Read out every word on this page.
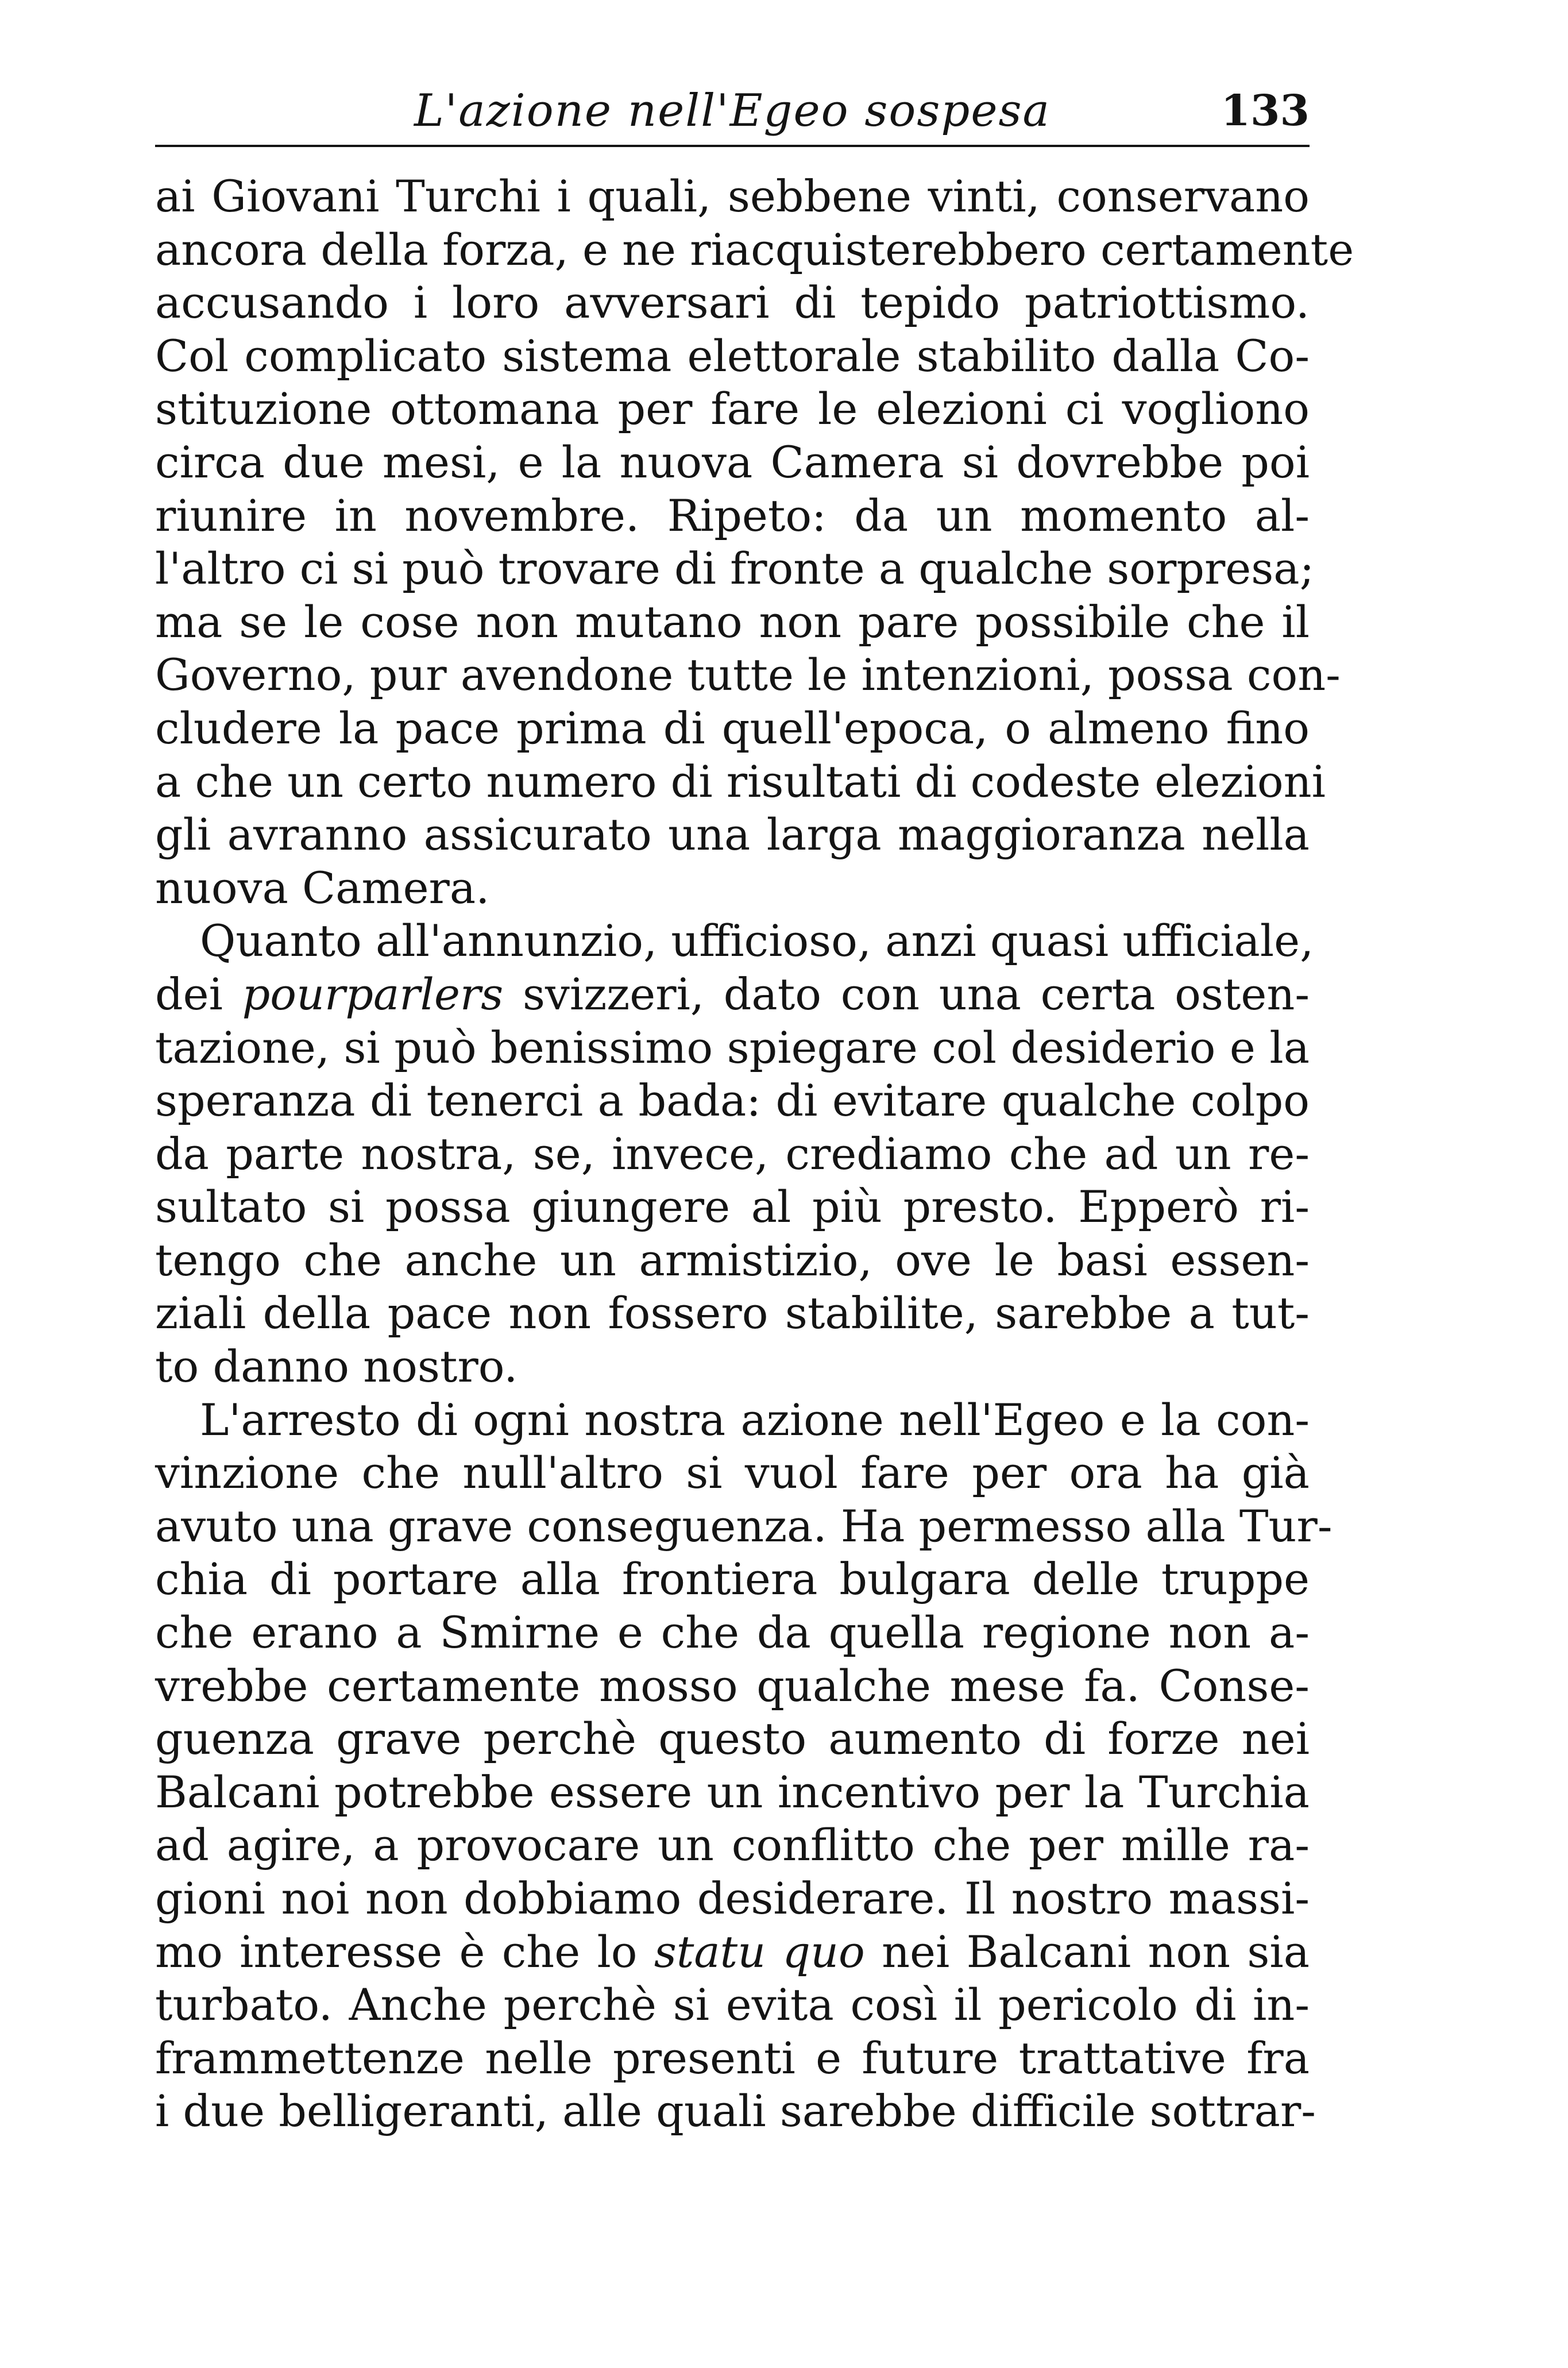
L'azione nell'Egeo sospesa	133
ai Giovani Turchi i quali, sebbene vinti, conservano
ancora della forza, e ne riacquisterebbero certamente
accusando i loro avversari di tepido patriottismo.
Col complicato sistema elettorale stabilito dalla Co-
stituzione ottomana per fare le elezioni ci vogliono
circa due mesi, e la nuova Camera si dovrebbe poi
riunire in novembre. Ripeto: da un momento al-
l'altro ci si può trovare di fronte a qualche sorpresa;
ma se le cose non mutano non pare possibile che il
Governo, pur avendone tutte le intenzioni, possa con-
cludere la pace prima di quell'epoca, o almeno fino
a che un certo numero di risultati di codeste elezioni
gli avranno assicurato una larga maggioranza nella
nuova Camera.
Quanto all'annunzio, ufficioso, anzi quasi ufficiale,
dei pourparlers svizzeri, dato con una certa osten-
tazione, si può benissimo spiegare col desiderio e la
speranza di tenerci a bada: di evitare qualche colpo
da parte nostra, se, invece, crediamo che ad un re-
sultato si possa giungere al più presto. Epperò ri-
tengo che anche un armistizio, ove le basi essen-
ziali della pace non fossero stabilite, sarebbe a tut-
to danno nostro.
L'arresto di ogni nostra azione nell'Egeo e la con-
vinzione che null'altro si vuol fare per ora ha già
avuto una grave conseguenza. Ha permesso alla Tur-
chia di portare alla frontiera bulgara delle truppe
che erano a Smirne e che da quella regione non a-
vrebbe certamente mosso qualche mese fa. Conse-
guenza grave perchè questo aumento di forze nei
Balcani potrebbe essere un incentivo per la Turchia
ad agire, a provocare un conflitto che per mille ra-
gioni noi non dobbiamo desiderare. Il nostro massi-
mo interesse è che lo statu quo nei Balcani non sia
turbato. Anche perchè si evita così il pericolo di in-
frammettenze nelle presenti e future trattative fra
i due belligeranti, alle quali sarebbe difficile sottrar-
